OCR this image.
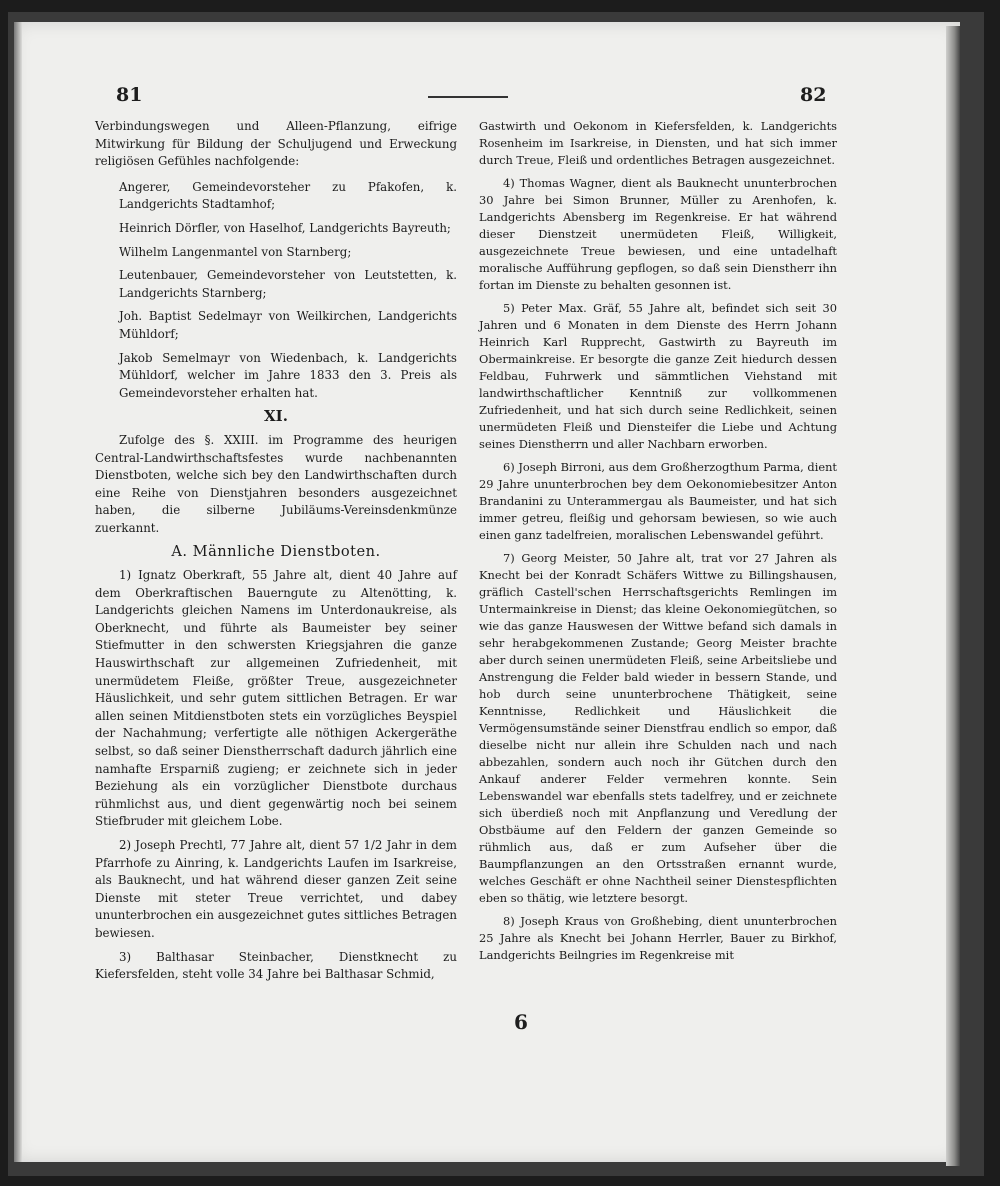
81	82

Verbindungswegen und Alleen-Pflanzung, eifrige Mitwirkung für Bildung der Schuljugend und Erweckung religiösen Gefühles nachfolgende:

Angerer, Gemeindevorsteher zu Pfakofen, k. Landgerichts Stadtamhof;

Heinrich Dörfler, von Haselhof, Landgerichts Bayreuth;

Wilhelm Langenmantel von Starnberg;

Leutenbauer, Gemeindevorsteher von Leutstetten, k. Landgerichts Starnberg;

Joh. Baptist Sedelmayr von Weilkirchen, Landgerichts Mühldorf;

Jakob Semelmayr von Wiedenbach, k. Landgerichts Mühldorf, welcher im Jahre 1833 den 3. Preis als Gemeindevorsteher erhalten hat.

XI.

Zufolge des §. XXIII. im Programme des heurigen Central-Landwirthschaftsfestes wurde nachbenannten Dienstboten, welche sich bey den Landwirthschaften durch eine Reihe von Dienstjahren besonders ausgezeichnet haben, die silberne Jubiläums-Vereinsdenkmünze zuerkannt.

A. Männliche Dienstboten.

1) Ignatz Oberkraft, 55 Jahre alt, dient 40 Jahre auf dem Oberkraftischen Bauerngute zu Altenötting, k. Landgerichts gleichen Namens im Unterdonaukreise, als Oberknecht, und führte als Baumeister bey seiner Stiefmutter in den schwersten Kriegsjahren die ganze Hauswirthschaft zur allgemeinen Zufriedenheit, mit unermüdetem Fleiße, größter Treue, ausgezeichneter Häuslichkeit, und sehr gutem sittlichen Betragen. Er war allen seinen Mitdienstboten stets ein vorzügliches Beyspiel der Nachahmung; verfertigte alle nöthigen Ackergeräthe selbst, so daß seiner Dienstherrschaft dadurch jährlich eine namhafte Ersparniß zugieng; er zeichnete sich in jeder Beziehung als ein vorzüglicher Dienstbote durchaus rühmlichst aus, und dient gegenwärtig noch bei seinem Stiefbruder mit gleichem Lobe.

2) Joseph Prechtl, 77 Jahre alt, dient 57 1/2 Jahr in dem Pfarrhofe zu Ainring, k. Landgerichts Laufen im Isarkreise, als Bauknecht, und hat während dieser ganzen Zeit seine Dienste mit steter Treue verrichtet, und dabey ununterbrochen ein ausgezeichnet gutes sittliches Betragen bewiesen.

3) Balthasar Steinbacher, Dienstknecht zu Kiefersfelden, steht volle 34 Jahre bei Balthasar Schmid,

Gastwirth und Oekonom in Kiefersfelden, k. Landgerichts Rosenheim im Isarkreise, in Diensten, und hat sich immer durch Treue, Fleiß und ordentliches Betragen ausgezeichnet.

4) Thomas Wagner, dient als Bauknecht ununterbrochen 30 Jahre bei Simon Brunner, Müller zu Arenhofen, k. Landgerichts Abensberg im Regenkreise. Er hat während dieser Dienstzeit unermüdeten Fleiß, Willigkeit, ausgezeichnete Treue bewiesen, und eine untadelhaft moralische Aufführung gepflogen, so daß sein Dienstherr ihn fortan im Dienste zu behalten gesonnen ist.

5) Peter Max. Gräf, 55 Jahre alt, befindet sich seit 30 Jahren und 6 Monaten in dem Dienste des Herrn Johann Heinrich Karl Rupprecht, Gastwirth zu Bayreuth im Obermainkreise. Er besorgte die ganze Zeit hiedurch dessen Feldbau, Fuhrwerk und sämmtlichen Viehstand mit landwirthschaftlicher Kenntniß zur vollkommenen Zufriedenheit, und hat sich durch seine Redlichkeit, seinen unermüdeten Fleiß und Diensteifer die Liebe und Achtung seines Dienstherrn und aller Nachbarn erworben.

6) Joseph Birroni, aus dem Großherzogthum Parma, dient 29 Jahre ununterbrochen bey dem Oekonomiebesitzer Anton Brandanini zu Unterammergau als Baumeister, und hat sich immer getreu, fleißig und gehorsam bewiesen, so wie auch einen ganz tadelfreien, moralischen Lebenswandel geführt.

7) Georg Meister, 50 Jahre alt, trat vor 27 Jahren als Knecht bei der Konradt Schäfers Wittwe zu Billingshausen, gräflich Castell'schen Herrschaftsgerichts Remlingen im Untermainkreise in Dienst; das kleine Oekonomiegütchen, so wie das ganze Hauswesen der Wittwe befand sich damals in sehr herabgekommenen Zustande; Georg Meister brachte aber durch seinen unermüdeten Fleiß, seine Arbeitsliebe und Anstrengung die Felder bald wieder in bessern Stande, und hob durch seine ununterbrochene Thätigkeit, seine Kenntnisse, Redlichkeit und Häuslichkeit die Vermögensumstände seiner Dienstfrau endlich so empor, daß dieselbe nicht nur allein ihre Schulden nach und nach abbezahlen, sondern auch noch ihr Gütchen durch den Ankauf anderer Felder vermehren konnte. Sein Lebenswandel war ebenfalls stets tadelfrey, und er zeichnete sich überdieß noch mit Anpflanzung und Veredlung der Obstbäume auf den Feldern der ganzen Gemeinde so rühmlich aus, daß er zum Aufseher über die Baumpflanzungen an den Ortsstraßen ernannt wurde, welches Geschäft er ohne Nachtheil seiner Dienstespflichten eben so thätig, wie letztere besorgt.

8) Joseph Kraus von Großhebing, dient ununterbrochen 25 Jahre als Knecht bei Johann Herrler, Bauer zu Birkhof, Landgerichts Beilngries im Regenkreise mit

6
